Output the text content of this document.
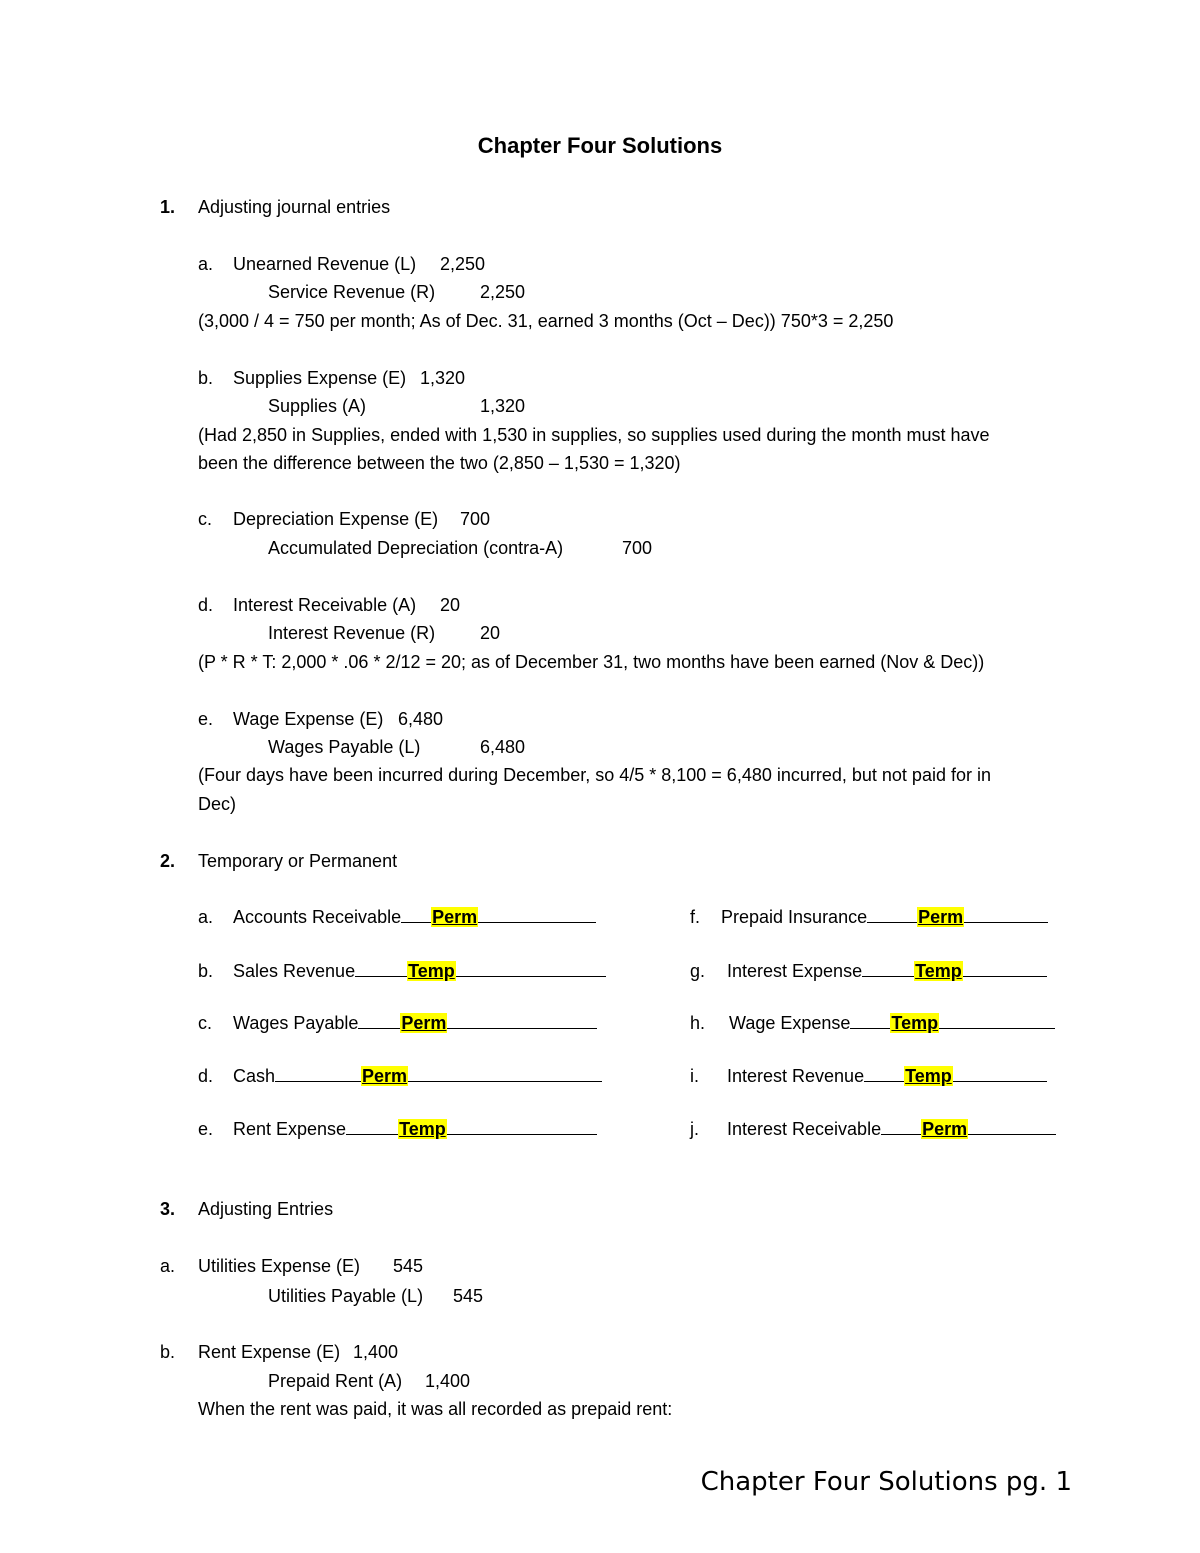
Chapter Four Solutions
1. Adjusting journal entries
a. Unearned Revenue (L) 2,250
Service Revenue (R) 2,250
(3,000 / 4 = 750 per month; As of Dec. 31, earned 3 months (Oct – Dec)) 750*3 = 2,250
b. Supplies Expense (E) 1,320
Supplies (A)	1,320
(Had 2,850 in Supplies, ended with 1,530 in supplies, so supplies used during the month must have
been the difference between the two (2,850 – 1,530 = 1,320)
c. Depreciation Expense (E) 700
Accumulated Depreciation (contra-A)	700
d. Interest Receivable (A) 20
Interest Revenue (R) 20
(P * R * T: 2,000 * .06 * 2/12 = 20; as of December 31, two months have been earned (Nov & Dec))
e. Wage Expense (E) 6,480
Wages Payable (L)	6,480
(Four days have been incurred during December, so 4/5 * 8,100 = 6,480 incurred, but not paid for in
Dec)
2. Temporary or Permanent
a. Accounts Receivable Perm
b. Sales Revenue	Temp
c. Wages Payable Perm
d. Cash	Perm
e. Rent Expense	Temp
f. Prepaid Insurance	Perm
g. Interest Expense	Temp
h. Wage Expense Temp
i. Interest Revenue Temp
j. Interest Receivable Perm
3. Adjusting Entries
a. Utilities Expense (E) 545
Utilities Payable (L) 545
b. Rent Expense (E) 1,400
Prepaid Rent (A) 1,400
When the rent was paid, it was all recorded as prepaid rent:
Chapter Four Solutions pg. 1
